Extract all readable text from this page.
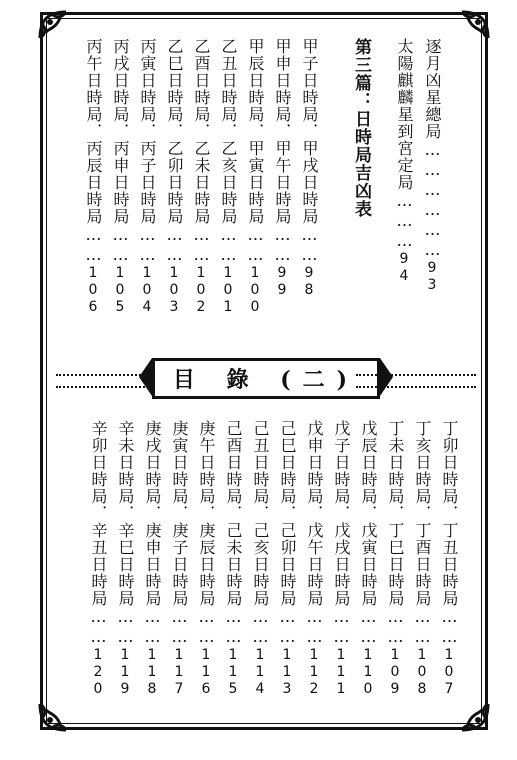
逐月凶星總局………………93
太陽麒麟星到宮定局………94
第三篇：日時局吉凶表
甲子日時局．甲戌日時局……98
甲申日時局．甲午日時局……99
甲辰日時局．甲寅日時局……100
乙丑日時局．乙亥日時局……101
乙酉日時局．乙未日時局……102
乙巳日時局．乙卯日時局……103
丙寅日時局．丙子日時局……104
丙戌日時局．丙申日時局……105
丙午日時局．丙辰日時局……106
目 錄 (二)
丁卯日時局．丁丑日時局……107
丁亥日時局．丁酉日時局……108
丁未日時局．丁巳日時局……109
戊辰日時局．戊寅日時局……110
戊子日時局．戊戌日時局……111
戊申日時局．戊午日時局……112
己巳日時局．己卯日時局……113
己丑日時局．己亥日時局……114
己酉日時局．己未日時局……115
庚午日時局．庚辰日時局……116
庚寅日時局．庚子日時局……117
庚戌日時局．庚申日時局……118
辛未日時局．辛巳日時局……119
辛卯日時局．辛丑日時局……120
